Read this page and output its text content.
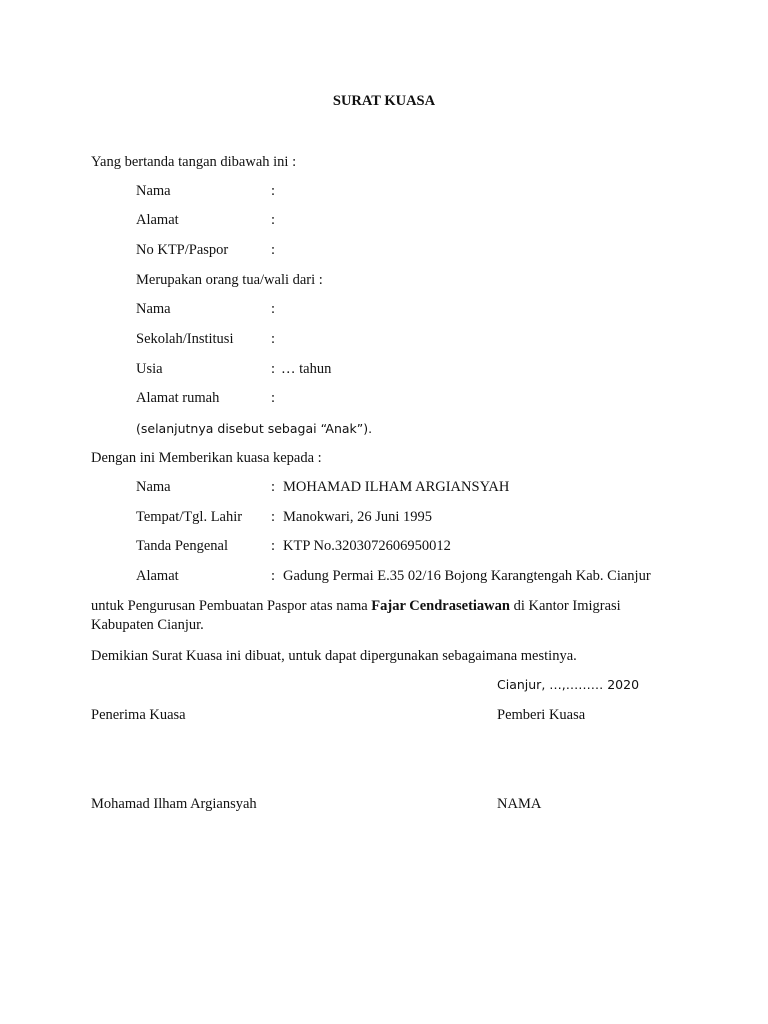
SURAT KUASA
Yang bertanda tangan dibawah ini :
Nama	:
Alamat	:
No KTP/Paspor	:
Merupakan orang tua/wali dari :
Nama	:
Sekolah/Institusi	:
Usia	: … tahun
Alamat rumah	:
(selanjutnya disebut sebagai “Anak”).
Dengan ini Memberikan kuasa kepada :
Nama	: MOHAMAD ILHAM ARGIANSYAH
Tempat/Tgl. Lahir : Manokwari, 26 Juni 1995
Tanda Pengenal	: KTP No.3203072606950012
Alamat	: Gadung Permai E.35 02/16 Bojong Karangtengah Kab. Cianjur
untuk Pengurusan Pembuatan Paspor atas nama Fajar Cendrasetiawan di Kantor Imigrasi Kabupaten Cianjur.
Demikian Surat Kuasa ini dibuat, untuk dapat dipergunakan sebagaimana mestinya.
Cianjur, …,……… 2020
Penerima Kuasa	Pemberi Kuasa
Mohamad Ilham Argiansyah	NAMA
